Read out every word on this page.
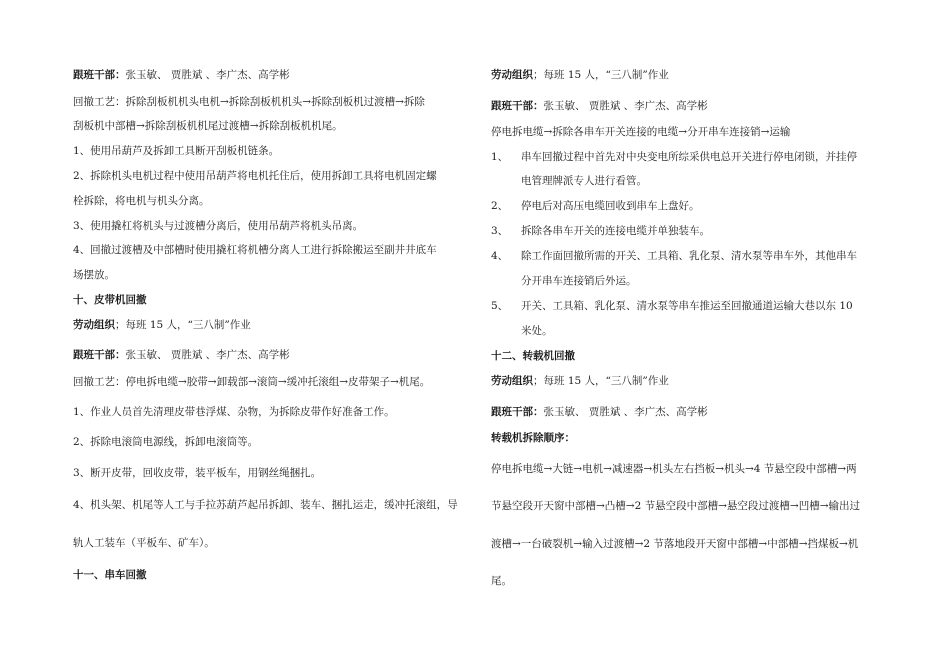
跟班干部：张玉敏、 贾胜斌 、李广杰、高学彬
回撤工艺：拆除刮板机机头电机→拆除刮板机机头→拆除刮板机过渡槽→拆除
刮板机中部槽→拆除刮板机机尾过渡槽→拆除刮板机机尾。
1、使用吊葫芦及拆卸工具断开刮板机链条。
2、拆除机头电机过程中使用吊葫芦将电机托住后，使用拆卸工具将电机固定螺
栓拆除，将电机与机头分离。
3、使用撬杠将机头与过渡槽分离后，使用吊葫芦将机头吊离。
4、回撤过渡槽及中部槽时使用撬杠将机槽分离人工进行拆除搬运至副井井底车
场摆放。
十、皮带机回撤
劳动组织；每班 15 人，“三八制”作业
跟班干部：张玉敏、 贾胜斌 、李广杰、高学彬
回撤工艺：停电拆电缆→胶带→卸载部→滚筒→缓冲托滚组→皮带架子→机尾。
1、作业人员首先清理皮带巷浮煤、杂物，为拆除皮带作好准备工作。
2、拆除电滚筒电源线，拆卸电滚筒等。
3、断开皮带，回收皮带，装平板车，用钢丝绳捆扎。
4、机头架、机尾等人工与手拉苏葫芦起吊拆卸、装车、捆扎运走，缓冲托滚组，导
轨人工装车（平板车、矿车）。
十一、串车回撤
劳动组织；每班 15 人，“三八制”作业
跟班干部：张玉敏、 贾胜斌 、李广杰、高学彬
停电拆电缆→拆除各串车开关连接的电缆→分开串车连接销→运输
1、 串车回撤过程中首先对中央变电所综采供电总开关进行停电闭锁，并挂停
电管理牌派专人进行看管。
2、 停电后对高压电缆回收到串车上盘好。
3、 拆除各串车开关的连接电缆并单独装车。
4、 除工作面回撤所需的开关、工具箱、乳化泵、清水泵等串车外，其他串车
分开串车连接销后外运。
5、 开关、工具箱、乳化泵、清水泵等串车推运至回撤通道运输大巷以东 10
米处。
十二、转载机回撤
劳动组织；每班 15 人，“三八制”作业
跟班干部：张玉敏、 贾胜斌 、李广杰、高学彬
转载机拆除顺序：
停电拆电缆→大链→电机→减速器→机头左右挡板→机头→4 节悬空段中部槽→两
节悬空段开天窗中部槽→凸槽→2 节悬空段中部槽→悬空段过渡槽→凹槽→输出过
渡槽→一台破裂机→输入过渡槽→2 节落地段开天窗中部槽→中部槽→挡煤板→机
尾。
